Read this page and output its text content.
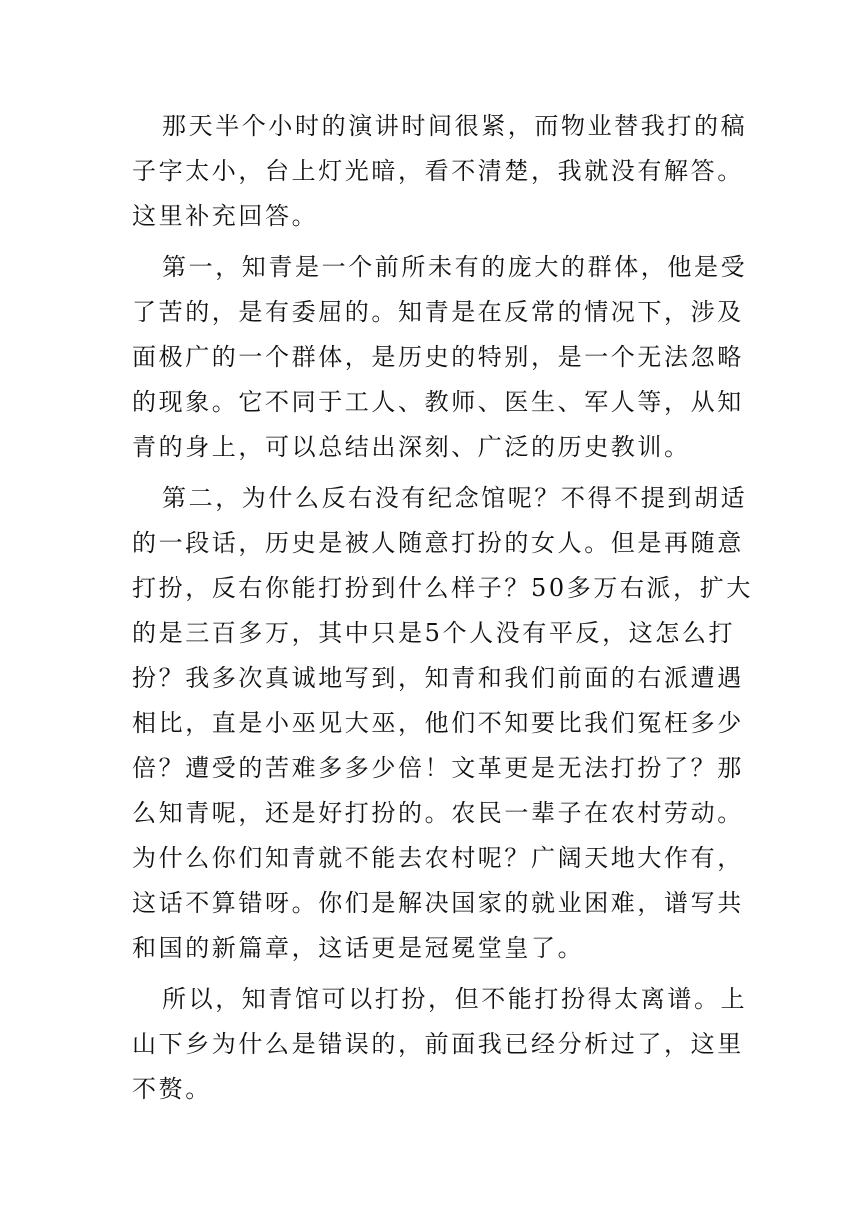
那天半个小时的演讲时间很紧，而物业替我打的稿
子字太小，台上灯光暗，看不清楚，我就没有解答。
这里补充回答。

第一，知青是一个前所未有的庞大的群体，他是受
了苦的，是有委屈的。知青是在反常的情况下，涉及
面极广的一个群体，是历史的特别，是一个无法忽略
的现象。它不同于工人、教师、医生、军人等，从知
青的身上，可以总结出深刻、广泛的历史教训。

第二，为什么反右没有纪念馆呢？不得不提到胡适
的一段话，历史是被人随意打扮的女人。但是再随意
打扮，反右你能打扮到什么样子？50多万右派，扩大
的是三百多万，其中只是5个人没有平反，这怎么打
扮？我多次真诚地写到，知青和我们前面的右派遭遇
相比，直是小巫见大巫，他们不知要比我们冤枉多少
倍？遭受的苦难多多少倍！文革更是无法打扮了？那
么知青呢，还是好打扮的。农民一辈子在农村劳动。
为什么你们知青就不能去农村呢？广阔天地大作有，
这话不算错呀。你们是解决国家的就业困难，谱写共
和国的新篇章，这话更是冠冕堂皇了。

所以，知青馆可以打扮，但不能打扮得太离谱。上
山下乡为什么是错误的，前面我已经分析过了，这里
不赘。
